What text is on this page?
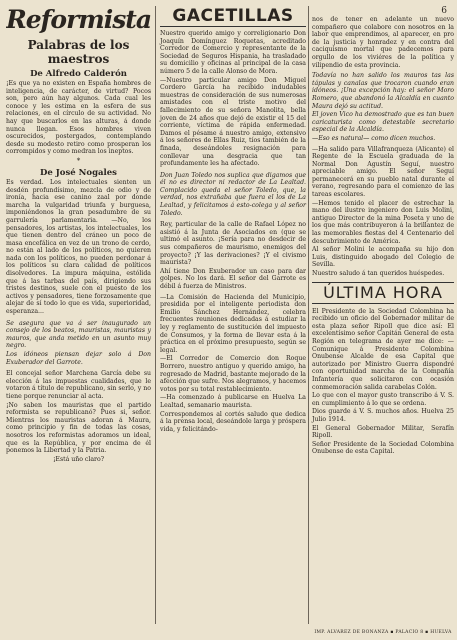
6
Reformista
Palabras de los maestros
De Alfredo Calderón

¡Es que ya no existen en España hombres de inteligencia, de carácter, de virtud? Pocos son, pero aún hay algunos. Cada cual les conoce y les estima en la esfera de sus relaciones, en el círculo de su actividad. No hay que buscarlos en las alturas, á donde nunca llegan. Esos hombres viven oscurecidos, postergados, contemplando desde su modesto retiro como prosperan los corrompidos y como medran los ineptos.

*
De José Nogales

Es verdad. Los intelectuales sienten un desdén profundísimo, mezcla de odio y de ironía, hacia ese canino zaal por donde marcha la vulgaridad triunfa y burguesa, imponiéndonos la gran pesadumbre de su garrulería parlamentaria. —No, los pensadores, los artistas, los intelectuales, los que tienen dentro del cráneo un poco de masa encefálica en vez de un trono de cerdo, no están al lado de los políticos, no quieren nada con los políticos, no pueden perdonar á los políticos su clara calidad de políticos disolvedores. La impura máquina, estólida que á las tarbas del país, dirigiendo sus tristes destinos, suele con el puesto de los activos y pensadores, tiene forzosamente que alejar de sí todo lo que es vida, superioridad, esperanza...

Se asegura que va á ser inaugurado un consejo de los beatos, mauristas, mauristas y mauros, que anda metido en un asunto muy negro.

Los idóneos piensan dejar solo á Don Exuberador del Garrote.

El concejal señor Marchena García debe su elección á las impuestas cualidades, que le votaron á título de republicano, sin serlo, y no tiene porque renunciar al acta.

¡No saben los mauristas que el partido reformista se republicanó? Pues si, señor. Mientras los mauristas adoran á Maura, como principio y fin de todas las cosas, nosotros los reformistas adoramos un ideal, que es la República, y por encima de él ponemos la Libertad y la Patria.

¡Está uño claro?

GACETILLAS

Nuestro querido amigo y correligionario Don Joaquín Domínguez Roquetas, acreditado Corredor de Comercio y representante de la Sociedad de Seguros Hispania, ha trasladado su domicilio y oficinas al principal de la casa número 5 de la calle Alonso de Mora.

—Nuestro particular amigo Don Miguel Cordero García ha recibido indudables muestras de consideración de sus numerosas amistades con el triste motivo del fallecimiento de su señora Manolita, bella joven de 24 años que dejó de existir el 15 del corriente, víctima de rápida enfermedad. Damos el pésame á nuestro amigo, extensivo á los señores de Ellas Ruiz, tíos también de la finada, deseándoles resignación para conllevar una desgracia que tan profundamente les ha afectado.

Don Juan Toledo nos suplica que digamos que él no es director ni redactor de La Lealtad. Complacido queda el señor Toledo, que, la verdad, nos extrañaba que fuera el los de La Lealtad, y felicitamos á esto-colega y al señor Toledo.

Rey, particular de la calle de Rafael López no asistió á la Junta de Asociados en (que se ultimó el asunto. ¡Sería para no desdecir de sus compañeros de maurismo, enemigos del proyecto? ¡Y las derivaciones? ¡Y el civismo maurista?

Ahí tiene Don Exuberador un caso para dar golpes. No los dará. El señor del Garrote es débil á fuerza de Ministros.

—La Comisión de Hacienda del Municipio, presidida por el inteligente periodista don Emilio Sánchez Hernández, celebra frecuentes reuniones dedicadas á estudiar la ley y reglamento de sustitución del impuesto de Consumos, y la forma de llevar esta á la práctica en el próximo presupuesto, según se legal.

—El Corredor de Comercio don Roque Borrero, nuestro antiguo y querido amigo, ha regresado de Madrid, bastante mejorado de la afección que sufre. Nos alegramos, y hacemos votos por su total restablecimiento.

—Ha comenzado á publicarse en Huelva La Lealtad, semanario maurista.

Correspondemos al cortés saludo que dedica á la prensa local, deseándole larga y próspera vida, y felicitándo-

nos de tener en adelante un nuevo compañero que colabore con nosotros en la labor que emprendimos, al aparecer, en pro de la justicia y honradez y en contra del caciquismo mortal que padecemos para orgullo de los viviéres de la política y vilipendio de esta provincia.

Todavía no han salido los mauros tas las tápulas y canalas que trocaron cuando eran idóneos. ¡Una excepción hay: el señor Moro Romero, que abandonó la Alcaldía en cuanto Maura dejó su actitud.

El joven Vico ha demostrado que es tan buen caricaturista como detestable secretario especial de la Alcaldía.

—Eso es natural— como dicen muchos.

—Ha salido para Villafranqueza (Alicante) el Regente de la Escuela graduada de la Normal Don Agustín Seguí, nuestro apreciable amigo. El señor Seguí permanecerá en su pueblo natal durante el verano, regresando para el comienzo de las tareas escolares.

—Hemos tenido el placer de estrechar la mano del ilustre ingeniero don Luis Molini, antiguo Director de la mina Poseta y uno de los que más contribuyeron á la brillantez de las memorables fiestas del 4 Centenario del descubrimiento de América.

Al señor Molini le acompaña su hijo don Luis, distinguido abogado del Colegio de Sevilla.

Nuestro saludo á tan queridos huéspedes.

ÚLTIMA HORA

El Presidente de la Sociedad Colombina ha recibido un oficio del Gobernador militar de esta plaza señor Ripoll que dice así: El excelentísimo señor Capitán General de esta Región en telegrama de ayer me dice: —Comunique á Presidente Colombina Onubense Alcalde de esa Capital que autorizado por Ministro Guerra dispondré con oportunidad marcha de la Compañía Infantería que solicitaron con ocasión conmemoración salida carabelas Colón.

Lo que con el mayor gusto transcribo á V. S. en cumplimiento á lo que se ordena.

Dios guarde á V. S. muchos años. Huelva 25 Julio 1914.

El General Gobernador Militar, Serafín Ripoll.

Señor Presidente de la Sociedad Colombina Onubense de esta Capital.

IMP. ALVAREZ DE BONANZA ▪ PALACIO 8 ▪ HUELVA
